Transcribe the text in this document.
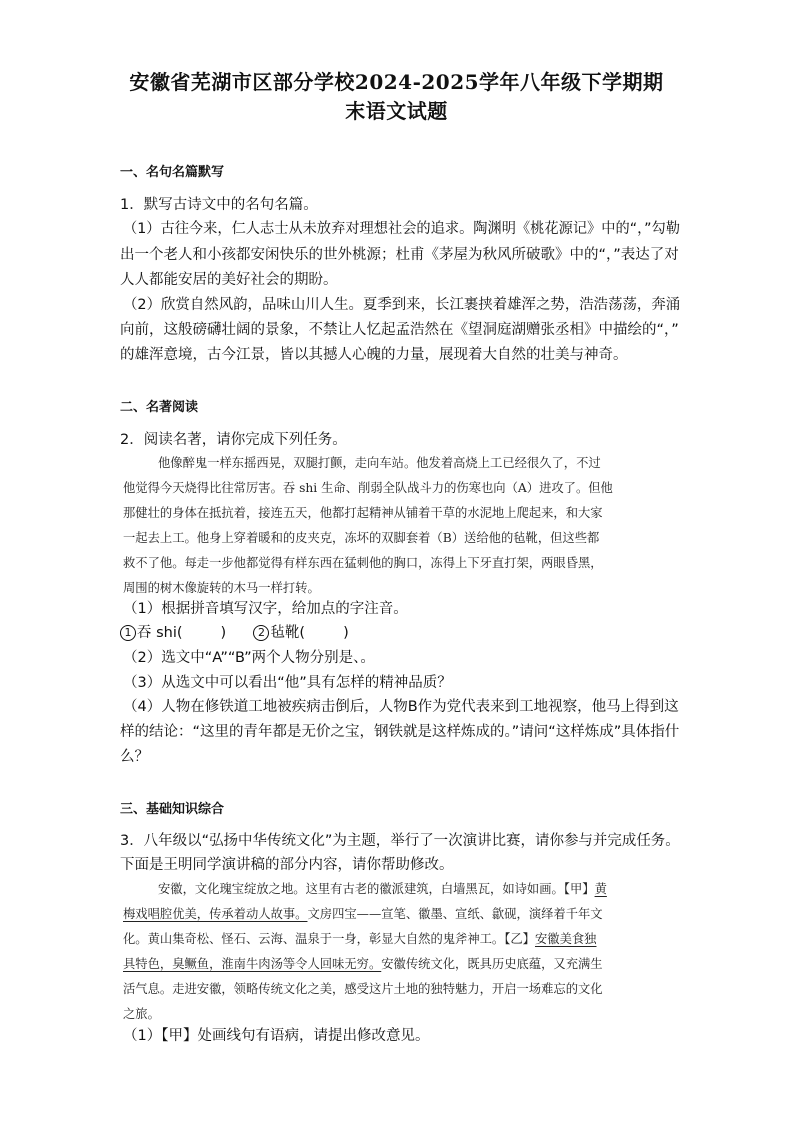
安徽省芜湖市区部分学校2024-2025学年八年级下学期期
末语文试题
一、名句名篇默写
1．默写古诗文中的名句名篇。
（1）古往今来，仁人志士从未放弃对理想社会的追求。陶渊明《桃花源记》中的“，”勾勒
出一个老人和小孩都安闲快乐的世外桃源；杜甫《茅屋为秋风所破歌》中的“，”表达了对
人人都能安居的美好社会的期盼。
（2）欣赏自然风韵，品味山川人生。夏季到来，长江裹挟着雄浑之势，浩浩荡荡，奔涌
向前，这般磅礴壮阔的景象，不禁让人忆起孟浩然在《望洞庭湖赠张丞相》中描绘的“，”
的雄浑意境，古今江景，皆以其撼人心魄的力量，展现着大自然的壮美与神奇。
二、名著阅读
2．阅读名著，请你完成下列任务。
他像醉鬼一样东摇西晃，双腿打颤，走向车站。他发着高烧上工已经很久了，不过
他觉得今天烧得比往常厉害。吞 shi 生命、削弱全队战斗力的伤寒也向（A）进攻了。但他
那健壮的身体在抵抗着，接连五天，他都打起精神从铺着干草的水泥地上爬起来，和大家
一起去上工。他身上穿着暖和的皮夹克，冻坏的双脚套着（B）送给他的毡靴，但这些都
救不了他。每走一步他都觉得有样东西在猛刺他的胸口，冻得上下牙直打架，两眼昏黑，
周围的树木像旋转的木马一样打转。
（1）根据拼音填写汉字，给加点的字注音。
1 吞 shi(	)	2 毡靴(	)
（2）选文中“A”“B”两个人物分别是、。
（3）从选文中可以看出“他”具有怎样的精神品质？
（4）人物在修铁道工地被疾病击倒后，人物B作为党代表来到工地视察，他马上得到这
样的结论：“这里的青年都是无价之宝，钢铁就是这样炼成的。”请问“这样炼成”具体指什
么？
三、基础知识综合
3．八年级以“弘扬中华传统文化”为主题，举行了一次演讲比赛，请你参与并完成任务。
下面是王明同学演讲稿的部分内容，请你帮助修改。
安徽，文化瑰宝绽放之地。这里有古老的徽派建筑，白墙黑瓦，如诗如画。【甲】黄
梅戏唱腔优美，传承着动人故事。文房四宝——宣笔、徽墨、宣纸、歙砚，演绎着千年文
化。黄山集奇松、怪石、云海、温泉于一身，彰显大自然的鬼斧神工。【乙】安徽美食独
具特色，臭鳜鱼，淮南牛肉汤等令人回味无穷。安徽传统文化，既具历史底蕴，又充满生
活气息。走进安徽，领略传统文化之美，感受这片土地的独特魅力，开启一场难忘的文化
之旅。
（1）【甲】处画线句有语病，请提出修改意见。
